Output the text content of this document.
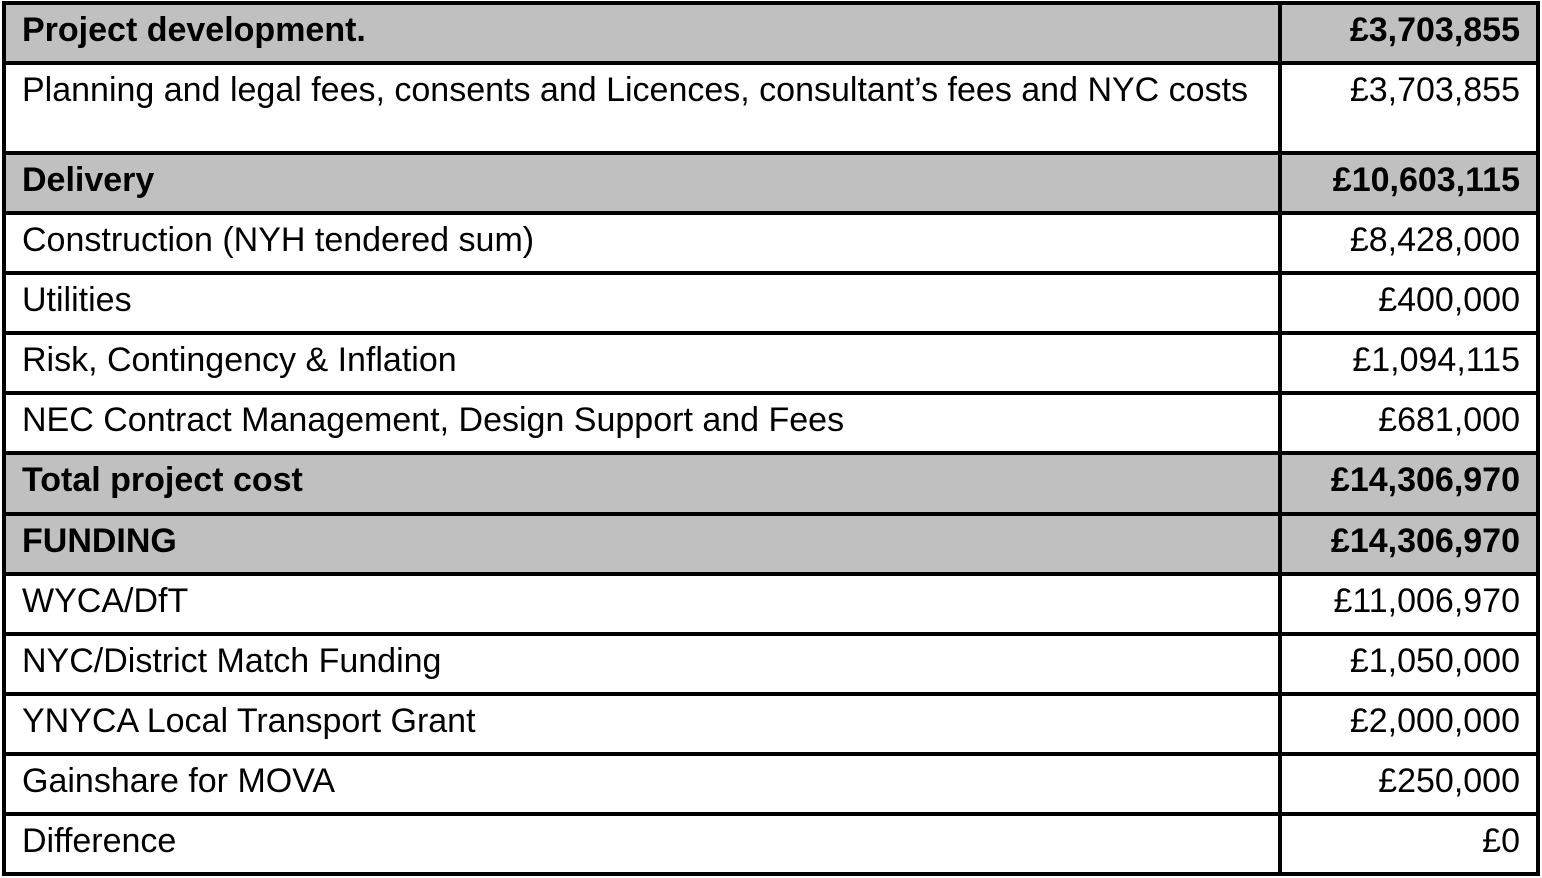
Project development.	£3,703,855
Planning and legal fees, consents and Licences, consultant’s fees and NYC costs	£3,703,855
Delivery	£10,603,115
Construction (NYH tendered sum)	£8,428,000
Utilities	£400,000
Risk, Contingency & Inflation	£1,094,115
NEC Contract Management, Design Support and Fees	£681,000
Total project cost	£14,306,970
FUNDING	£14,306,970
WYCA/DfT	£11,006,970
NYC/District Match Funding	£1,050,000
YNYCA Local Transport Grant	£2,000,000
Gainshare for MOVA	£250,000
Difference	£0
